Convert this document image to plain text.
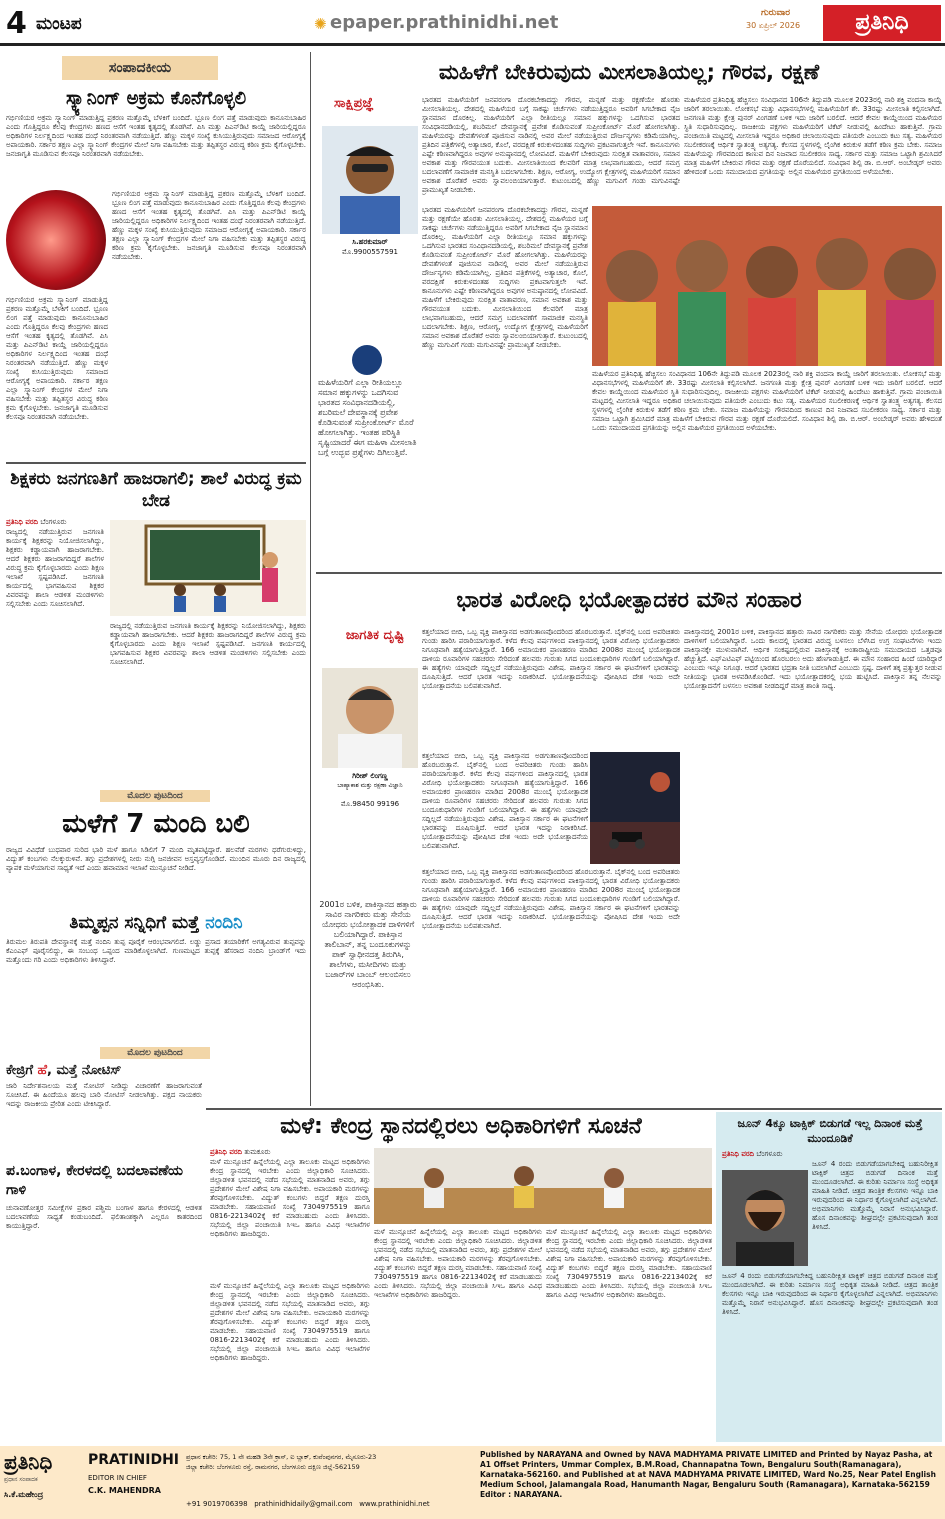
4 ಮಂಟಪ	✺ epaper.prathinidhi.net	ಗುರುವಾರ
30 ಏಪ್ರಿಲ್ 2026	ಪ್ರತಿನಿಧಿ
ಸಂಪಾದಕೀಯ
ಸ್ಕ್ಯಾನಿಂಗ್ ಅಕ್ರಮ ಕೊನೆಗೊಳ್ಳಲಿ
ಗರ್ಭಿಣಿಯರ ಅಕ್ರಮ ಸ್ಕ್ಯಾನಿಂಗ್ ಮಾಡುತ್ತಿದ್ದ ಪ್ರಕರಣ ಮತ್ತೊಮ್ಮೆ ಬೆಳಕಿಗೆ ಬಂದಿದೆ. ಭ್ರೂಣ ಲಿಂಗ ಪತ್ತೆ ಮಾಡುವುದು ಕಾನೂನುಬಾಹಿರ ಎಂದು ಗೊತ್ತಿದ್ದರೂ ಕೆಲವು ಕೇಂದ್ರಗಳು ಹಣದ ಆಸೆಗೆ ಇಂತಹ ಕೃತ್ಯದಲ್ಲಿ ತೊಡಗಿವೆ. ಪಿಸಿ ಮತ್ತು ಪಿಎನ್‌ಡಿಟಿ ಕಾಯ್ದೆ ಜಾರಿಯಲ್ಲಿದ್ದರೂ ಅಧಿಕಾರಿಗಳ ನಿರ್ಲಕ್ಷ್ಯದಿಂದ ಇಂತಹ ದಂಧೆ ನಿರಂತರವಾಗಿ ನಡೆಯುತ್ತಿದೆ. ಹೆಣ್ಣು ಮಕ್ಕಳ ಸಂಖ್ಯೆ ಕುಸಿಯುತ್ತಿರುವುದು ಸಮಾಜದ ಆರೋಗ್ಯಕ್ಕೆ ಅಪಾಯಕಾರಿ. ಸರ್ಕಾರ ತಕ್ಷಣ ಎಲ್ಲಾ ಸ್ಕ್ಯಾನಿಂಗ್ ಕೇಂದ್ರಗಳ ಮೇಲೆ ನಿಗಾ ವಹಿಸಬೇಕು ಮತ್ತು ತಪ್ಪಿತಸ್ಥರ ವಿರುದ್ಧ ಕಠಿಣ ಕ್ರಮ ಕೈಗೊಳ್ಳಬೇಕು. ಜನಜಾಗೃತಿ ಮೂಡಿಸುವ ಕೆಲಸವೂ ನಿರಂತರವಾಗಿ ನಡೆಯಬೇಕು.
ಗರ್ಭಿಣಿಯರ ಅಕ್ರಮ ಸ್ಕ್ಯಾನಿಂಗ್ ಮಾಡುತ್ತಿದ್ದ ಪ್ರಕರಣ ಮತ್ತೊಮ್ಮೆ ಬೆಳಕಿಗೆ ಬಂದಿದೆ. ಭ್ರೂಣ ಲಿಂಗ ಪತ್ತೆ ಮಾಡುವುದು ಕಾನೂನುಬಾಹಿರ ಎಂದು ಗೊತ್ತಿದ್ದರೂ ಕೆಲವು ಕೇಂದ್ರಗಳು ಹಣದ ಆಸೆಗೆ ಇಂತಹ ಕೃತ್ಯದಲ್ಲಿ ತೊಡಗಿವೆ. ಪಿಸಿ ಮತ್ತು ಪಿಎನ್‌ಡಿಟಿ ಕಾಯ್ದೆ ಜಾರಿಯಲ್ಲಿದ್ದರೂ ಅಧಿಕಾರಿಗಳ ನಿರ್ಲಕ್ಷ್ಯದಿಂದ ಇಂತಹ ದಂಧೆ ನಿರಂತರವಾಗಿ ನಡೆಯುತ್ತಿದೆ. ಹೆಣ್ಣು ಮಕ್ಕಳ ಸಂಖ್ಯೆ ಕುಸಿಯುತ್ತಿರುವುದು ಸಮಾಜದ ಆರೋಗ್ಯಕ್ಕೆ ಅಪಾಯಕಾರಿ. ಸರ್ಕಾರ ತಕ್ಷಣ ಎಲ್ಲಾ ಸ್ಕ್ಯಾನಿಂಗ್ ಕೇಂದ್ರಗಳ ಮೇಲೆ ನಿಗಾ ವಹಿಸಬೇಕು ಮತ್ತು ತಪ್ಪಿತಸ್ಥರ ವಿರುದ್ಧ ಕಠಿಣ ಕ್ರಮ ಕೈಗೊಳ್ಳಬೇಕು. ಜನಜಾಗೃತಿ ಮೂಡಿಸುವ ಕೆಲಸವೂ ನಿರಂತರವಾಗಿ ನಡೆಯಬೇಕು.
ಗರ್ಭಿಣಿಯರ ಅಕ್ರಮ ಸ್ಕ್ಯಾನಿಂಗ್ ಮಾಡುತ್ತಿದ್ದ ಪ್ರಕರಣ ಮತ್ತೊಮ್ಮೆ ಬೆಳಕಿಗೆ ಬಂದಿದೆ. ಭ್ರೂಣ ಲಿಂಗ ಪತ್ತೆ ಮಾಡುವುದು ಕಾನೂನುಬಾಹಿರ ಎಂದು ಗೊತ್ತಿದ್ದರೂ ಕೆಲವು ಕೇಂದ್ರಗಳು ಹಣದ ಆಸೆಗೆ ಇಂತಹ ಕೃತ್ಯದಲ್ಲಿ ತೊಡಗಿವೆ. ಪಿಸಿ ಮತ್ತು ಪಿಎನ್‌ಡಿಟಿ ಕಾಯ್ದೆ ಜಾರಿಯಲ್ಲಿದ್ದರೂ ಅಧಿಕಾರಿಗಳ ನಿರ್ಲಕ್ಷ್ಯದಿಂದ ಇಂತಹ ದಂಧೆ ನಿರಂತರವಾಗಿ ನಡೆಯುತ್ತಿದೆ. ಹೆಣ್ಣು ಮಕ್ಕಳ ಸಂಖ್ಯೆ ಕುಸಿಯುತ್ತಿರುವುದು ಸಮಾಜದ ಆರೋಗ್ಯಕ್ಕೆ ಅಪಾಯಕಾರಿ. ಸರ್ಕಾರ ತಕ್ಷಣ ಎಲ್ಲಾ ಸ್ಕ್ಯಾನಿಂಗ್ ಕೇಂದ್ರಗಳ ಮೇಲೆ ನಿಗಾ ವಹಿಸಬೇಕು ಮತ್ತು ತಪ್ಪಿತಸ್ಥರ ವಿರುದ್ಧ ಕಠಿಣ ಕ್ರಮ ಕೈಗೊಳ್ಳಬೇಕು. ಜನಜಾಗೃತಿ ಮೂಡಿಸುವ ಕೆಲಸವೂ ನಿರಂತರವಾಗಿ ನಡೆಯಬೇಕು.
ಶಿಕ್ಷಕರು ಜನಗಣತಿಗೆ ಹಾಜರಾಗಲಿ; ಶಾಲೆ ವಿರುದ್ಧ ಕ್ರಮ ಬೇಡ
ಪ್ರತಿನಿಧಿ ವರದಿ ಬೆಂಗಳೂರು
ರಾಜ್ಯದಲ್ಲಿ ನಡೆಯುತ್ತಿರುವ ಜನಗಣತಿ ಕಾರ್ಯಕ್ಕೆ ಶಿಕ್ಷಕರನ್ನು ನಿಯೋಜಿಸಲಾಗಿದ್ದು, ಶಿಕ್ಷಕರು ಕಡ್ಡಾಯವಾಗಿ ಹಾಜರಾಗಬೇಕು. ಆದರೆ ಶಿಕ್ಷಕರು ಹಾಜರಾಗದಿದ್ದರೆ ಶಾಲೆಗಳ ವಿರುದ್ಧ ಕ್ರಮ ಕೈಗೊಳ್ಳಬಾರದು ಎಂದು ಶಿಕ್ಷಣ ಇಲಾಖೆ ಸ್ಪಷ್ಟಪಡಿಸಿದೆ. ಜನಗಣತಿ ಕಾರ್ಯದಲ್ಲಿ ಭಾಗವಹಿಸುವ ಶಿಕ್ಷಕರ ವಿವರವನ್ನು ಶಾಲಾ ಆಡಳಿತ ಮಂಡಳಿಗಳು ಸಲ್ಲಿಸಬೇಕು ಎಂದು ಸೂಚಿಸಲಾಗಿದೆ.
ರಾಜ್ಯದಲ್ಲಿ ನಡೆಯುತ್ತಿರುವ ಜನಗಣತಿ ಕಾರ್ಯಕ್ಕೆ ಶಿಕ್ಷಕರನ್ನು ನಿಯೋಜಿಸಲಾಗಿದ್ದು, ಶಿಕ್ಷಕರು ಕಡ್ಡಾಯವಾಗಿ ಹಾಜರಾಗಬೇಕು. ಆದರೆ ಶಿಕ್ಷಕರು ಹಾಜರಾಗದಿದ್ದರೆ ಶಾಲೆಗಳ ವಿರುದ್ಧ ಕ್ರಮ ಕೈಗೊಳ್ಳಬಾರದು ಎಂದು ಶಿಕ್ಷಣ ಇಲಾಖೆ ಸ್ಪಷ್ಟಪಡಿಸಿದೆ. ಜನಗಣತಿ ಕಾರ್ಯದಲ್ಲಿ ಭಾಗವಹಿಸುವ ಶಿಕ್ಷಕರ ವಿವರವನ್ನು ಶಾಲಾ ಆಡಳಿತ ಮಂಡಳಿಗಳು ಸಲ್ಲಿಸಬೇಕು ಎಂದು ಸೂಚಿಸಲಾಗಿದೆ.
ಮೊದಲ ಪುಟದಿಂದ
ಮಳೆಗೆ 7 ಮಂದಿ ಬಲಿ
ರಾಜ್ಯದ ವಿವಿಧೆಡೆ ಬುಧವಾರ ಸುರಿದ ಭಾರಿ ಮಳೆ ಹಾಗೂ ಸಿಡಿಲಿಗೆ 7 ಮಂದಿ ಮೃತಪಟ್ಟಿದ್ದಾರೆ. ಹಲವೆಡೆ ಮರಗಳು ಧರೆಗುರುಳಿದ್ದು, ವಿದ್ಯುತ್ ಕಂಬಗಳು ನೆಲಕ್ಕುರುಳಿವೆ. ತಗ್ಗು ಪ್ರದೇಶಗಳಲ್ಲಿ ನೀರು ನುಗ್ಗಿ ಜನಜೀವನ ಅಸ್ತವ್ಯಸ್ತಗೊಂಡಿದೆ. ಮುಂದಿನ ಮೂರು ದಿನ ರಾಜ್ಯದಲ್ಲಿ ವ್ಯಾಪಕ ಮಳೆಯಾಗುವ ಸಾಧ್ಯತೆ ಇದೆ ಎಂದು ಹವಾಮಾನ ಇಲಾಖೆ ಮುನ್ಸೂಚನೆ ನೀಡಿದೆ.
ತಿಮ್ಮಪ್ಪನ ಸನ್ನಿಧಿಗೆ ಮತ್ತೆ ನಂದಿನಿ
ತಿರುಮಲ ತಿರುಪತಿ ದೇವಸ್ಥಾನಕ್ಕೆ ಮತ್ತೆ ನಂದಿನಿ ತುಪ್ಪ ಪೂರೈಕೆ ಆರಂಭವಾಗಲಿದೆ. ಲಡ್ಡು ಪ್ರಸಾದ ತಯಾರಿಕೆಗೆ ಅಗತ್ಯವಿರುವ ತುಪ್ಪವನ್ನು ಕೆಎಂಎಫ್ ಪೂರೈಸಲಿದ್ದು, ಈ ಸಂಬಂಧ ಒಪ್ಪಂದ ಮಾಡಿಕೊಳ್ಳಲಾಗಿದೆ. ಗುಣಮಟ್ಟದ ತುಪ್ಪಕ್ಕೆ ಹೆಸರಾದ ನಂದಿನಿ ಬ್ರಾಂಡ್‌ಗೆ ಇದು ಮತ್ತೊಂದು ಗರಿ ಎಂದು ಅಧಿಕಾರಿಗಳು ತಿಳಿಸಿದ್ದಾರೆ.
ಮೊದಲ ಪುಟದಿಂದ
ಕೇಜ್ರಿಗೆ ಹೆ, ಮತ್ತೆ ನೋಟಿಸ್
ಜಾರಿ ನಿರ್ದೇಶನಾಲಯ ಮತ್ತೆ ನೋಟಿಸ್ ನೀಡಿದ್ದು ವಿಚಾರಣೆಗೆ ಹಾಜರಾಗುವಂತೆ ಸೂಚಿಸಿದೆ. ಈ ಹಿಂದೆಯೂ ಹಲವು ಬಾರಿ ನೋಟಿಸ್ ನೀಡಲಾಗಿತ್ತು. ಪಕ್ಷದ ನಾಯಕರು ಇದನ್ನು ರಾಜಕೀಯ ಪ್ರೇರಿತ ಎಂದು ಟೀಕಿಸಿದ್ದಾರೆ.
ಪ.ಬಂಗಾಳ, ಕೇರಳದಲ್ಲಿ ಬದಲಾವಣೆಯ ಗಾಳಿ
ಚುನಾವಣೋತ್ತರ ಸಮೀಕ್ಷೆಗಳ ಪ್ರಕಾರ ಪಶ್ಚಿಮ ಬಂಗಾಳ ಹಾಗೂ ಕೇರಳದಲ್ಲಿ ಆಡಳಿತ ಬದಲಾವಣೆಯ ಸಾಧ್ಯತೆ ಕಂಡುಬಂದಿದೆ. ಫಲಿತಾಂಶಕ್ಕಾಗಿ ಎಲ್ಲರೂ ಕಾತರದಿಂದ ಕಾಯುತ್ತಿದ್ದಾರೆ.
ಮಹಿಳೆಗೆ ಬೇಕಿರುವುದು ಮೀಸಲಾತಿಯಲ್ಲ; ಗೌರವ, ರಕ್ಷಣೆ
ಸಾಕ್ಷಿಪ್ರಜ್ಞೆ
ಸಿ.ಹರಕುಮಾರ್
ಮೊ.9900557591
ಮಹಿಳೆಯರಿಗೆ ಎಲ್ಲಾ ರೀತಿಯಲ್ಲೂ ಸಮಾನ ಹಕ್ಕುಗಳನ್ನು ಒದಗಿಸುವ ಭಾರತದ ಸಂವಿಧಾನದಡಿಯಲ್ಲಿ, ಶಬರಿಮಲೆ ದೇವಸ್ಥಾನಕ್ಕೆ ಪ್ರವೇಶ ಕೊಡಿಸುವಂತೆ ಸುಪ್ರೀಂಕೋರ್ಟ್ ಮೊರೆ ಹೋಗಲಾಗಿತ್ತು. ಇಂತಹ ಪರಿಸ್ಥಿತಿ ಸೃಷ್ಟಿಯಾದರೆ ಈಗ ಮಹಿಳಾ ಮೀಸಲಾತಿ ಬಗ್ಗೆ ಉದ್ಭವ ಪ್ರಶ್ನೆಗಳು ದಿಗಿಲುತ್ತಿವೆ.
ಭಾರತದ ಮಹಿಳೆಯರಿಗೆ ಜನಪರಂಗಾ ದೊರಕಬೇಕಾದದ್ದು ಗೌರವ, ಮನ್ನಣೆ ಮತ್ತು ರಕ್ಷಣೆಯೇ ಹೊರತು ಮೀಸಲಾತಿಯಲ್ಲ. ದೇಶದಲ್ಲಿ ಮಹಿಳೆಯರ ಬಗ್ಗೆ ಸಾಕಷ್ಟು ಚರ್ಚೆಗಳು ನಡೆಯುತ್ತಿದ್ದರೂ ಅವರಿಗೆ ಸಿಗಬೇಕಾದ ನೈಜ ಸ್ಥಾನಮಾನ ದೊರಕಿಲ್ಲ. ಮಹಿಳೆಯರಿಗೆ ಎಲ್ಲಾ ರೀತಿಯಲ್ಲೂ ಸಮಾನ ಹಕ್ಕುಗಳನ್ನು ಒದಗಿಸುವ ಭಾರತದ ಸಂವಿಧಾನದಡಿಯಲ್ಲಿ, ಶಬರಿಮಲೆ ದೇವಸ್ಥಾನಕ್ಕೆ ಪ್ರವೇಶ ಕೊಡಿಸುವಂತೆ ಸುಪ್ರೀಂಕೋರ್ಟ್ ಮೊರೆ ಹೋಗಲಾಗಿತ್ತು. ಮಹಿಳೆಯರನ್ನು ದೇವತೆಗಳಂತೆ ಪೂಜಿಸುವ ನಾಡಿನಲ್ಲಿ ಅವರ ಮೇಲೆ ನಡೆಯುತ್ತಿರುವ ದೌರ್ಜನ್ಯಗಳು ಕಡಿಮೆಯಾಗಿಲ್ಲ. ಪ್ರತಿದಿನ ಪತ್ರಿಕೆಗಳಲ್ಲಿ ಅತ್ಯಾಚಾರ, ಕೊಲೆ, ವರದಕ್ಷಿಣೆ ಕಿರುಕುಳದಂತಹ ಸುದ್ದಿಗಳು ಪ್ರಕಟವಾಗುತ್ತಲೇ ಇವೆ. ಕಾನೂನುಗಳು ಎಷ್ಟೇ ಕಠಿಣವಾಗಿದ್ದರೂ ಅವುಗಳ ಅನುಷ್ಠಾನದಲ್ಲಿ ಲೋಪವಿದೆ. ಮಹಿಳೆಗೆ ಬೇಕಿರುವುದು ಸುರಕ್ಷಿತ ವಾತಾವರಣ, ಸಮಾನ ಅವಕಾಶ ಮತ್ತು ಗೌರವಯುತ ಬದುಕು. ಮೀಸಲಾತಿಯಿಂದ ಕೆಲವರಿಗೆ ಮಾತ್ರ ಲಾಭವಾಗಬಹುದು, ಆದರೆ ಸಮಗ್ರ ಬದಲಾವಣೆಗೆ ಸಾಮಾಜಿಕ ಮನಸ್ಥಿತಿ ಬದಲಾಗಬೇಕು. ಶಿಕ್ಷಣ, ಆರೋಗ್ಯ, ಉದ್ಯೋಗ ಕ್ಷೇತ್ರಗಳಲ್ಲಿ ಮಹಿಳೆಯರಿಗೆ ಸಮಾನ ಅವಕಾಶ ದೊರೆತರೆ ಅವರು ಸ್ವಾವಲಂಬಿಯಾಗುತ್ತಾರೆ. ಕುಟುಂಬದಲ್ಲಿ ಹೆಣ್ಣು ಮಗುವಿಗೆ ಗಂಡು ಮಗುವಿನಷ್ಟೇ ಪ್ರಾಮುಖ್ಯತೆ ನೀಡಬೇಕು.
ಭಾರತದ ಮಹಿಳೆಯರಿಗೆ ಜನಪರಂಗಾ ದೊರಕಬೇಕಾದದ್ದು ಗೌರವ, ಮನ್ನಣೆ ಮತ್ತು ರಕ್ಷಣೆಯೇ ಹೊರತು ಮೀಸಲಾತಿಯಲ್ಲ. ದೇಶದಲ್ಲಿ ಮಹಿಳೆಯರ ಬಗ್ಗೆ ಸಾಕಷ್ಟು ಚರ್ಚೆಗಳು ನಡೆಯುತ್ತಿದ್ದರೂ ಅವರಿಗೆ ಸಿಗಬೇಕಾದ ನೈಜ ಸ್ಥಾನಮಾನ ದೊರಕಿಲ್ಲ. ಮಹಿಳೆಯರಿಗೆ ಎಲ್ಲಾ ರೀತಿಯಲ್ಲೂ ಸಮಾನ ಹಕ್ಕುಗಳನ್ನು ಒದಗಿಸುವ ಭಾರತದ ಸಂವಿಧಾನದಡಿಯಲ್ಲಿ, ಶಬರಿಮಲೆ ದೇವಸ್ಥಾನಕ್ಕೆ ಪ್ರವೇಶ ಕೊಡಿಸುವಂತೆ ಸುಪ್ರೀಂಕೋರ್ಟ್ ಮೊರೆ ಹೋಗಲಾಗಿತ್ತು. ಮಹಿಳೆಯರನ್ನು ದೇವತೆಗಳಂತೆ ಪೂಜಿಸುವ ನಾಡಿನಲ್ಲಿ ಅವರ ಮೇಲೆ ನಡೆಯುತ್ತಿರುವ ದೌರ್ಜನ್ಯಗಳು ಕಡಿಮೆಯಾಗಿಲ್ಲ. ಪ್ರತಿದಿನ ಪತ್ರಿಕೆಗಳಲ್ಲಿ ಅತ್ಯಾಚಾರ, ಕೊಲೆ, ವರದಕ್ಷಿಣೆ ಕಿರುಕುಳದಂತಹ ಸುದ್ದಿಗಳು ಪ್ರಕಟವಾಗುತ್ತಲೇ ಇವೆ. ಕಾನೂನುಗಳು ಎಷ್ಟೇ ಕಠಿಣವಾಗಿದ್ದರೂ ಅವುಗಳ ಅನುಷ್ಠಾನದಲ್ಲಿ ಲೋಪವಿದೆ. ಮಹಿಳೆಗೆ ಬೇಕಿರುವುದು ಸುರಕ್ಷಿತ ವಾತಾವರಣ, ಸಮಾನ ಅವಕಾಶ ಮತ್ತು ಗೌರವಯುತ ಬದುಕು. ಮೀಸಲಾತಿಯಿಂದ ಕೆಲವರಿಗೆ ಮಾತ್ರ ಲಾಭವಾಗಬಹುದು, ಆದರೆ ಸಮಗ್ರ ಬದಲಾವಣೆಗೆ ಸಾಮಾಜಿಕ ಮನಸ್ಥಿತಿ ಬದಲಾಗಬೇಕು. ಶಿಕ್ಷಣ, ಆರೋಗ್ಯ, ಉದ್ಯೋಗ ಕ್ಷೇತ್ರಗಳಲ್ಲಿ ಮಹಿಳೆಯರಿಗೆ ಸಮಾನ ಅವಕಾಶ ದೊರೆತರೆ ಅವರು ಸ್ವಾವಲಂಬಿಯಾಗುತ್ತಾರೆ. ಕುಟುಂಬದಲ್ಲಿ ಹೆಣ್ಣು ಮಗುವಿಗೆ ಗಂಡು ಮಗುವಿನಷ್ಟೇ ಪ್ರಾಮುಖ್ಯತೆ ನೀಡಬೇಕು.
ಮಹಿಳೆಯರ ಪ್ರತಿನಿಧಿತ್ವ ಹೆಚ್ಚಿಸಲು ಸಂವಿಧಾನದ 106ನೇ ತಿದ್ದುಪಡಿ ಮೂಲಕ 2023ರಲ್ಲಿ ನಾರಿ ಶಕ್ತಿ ವಂದನಾ ಕಾಯ್ದೆ ಜಾರಿಗೆ ತರಲಾಯಿತು. ಲೋಕಸಭೆ ಮತ್ತು ವಿಧಾನಸಭೆಗಳಲ್ಲಿ ಮಹಿಳೆಯರಿಗೆ ಶೇ. 33ರಷ್ಟು ಮೀಸಲಾತಿ ಕಲ್ಪಿಸಲಾಗಿದೆ. ಜನಗಣತಿ ಮತ್ತು ಕ್ಷೇತ್ರ ಪುನರ್ ವಿಂಗಡಣೆ ಬಳಿಕ ಇದು ಜಾರಿಗೆ ಬರಲಿದೆ. ಆದರೆ ಕೇವಲ ಕಾಯ್ದೆಯಿಂದ ಮಹಿಳೆಯರ ಸ್ಥಿತಿ ಸುಧಾರಿಸುವುದಿಲ್ಲ. ರಾಜಕೀಯ ಪಕ್ಷಗಳು ಮಹಿಳೆಯರಿಗೆ ಟಿಕೆಟ್ ನೀಡುವಲ್ಲಿ ಹಿಂದೇಟು ಹಾಕುತ್ತಿವೆ. ಗ್ರಾಮ ಪಂಚಾಯಿತಿ ಮಟ್ಟದಲ್ಲಿ ಮೀಸಲಾತಿ ಇದ್ದರೂ ಅಧಿಕಾರ ಚಲಾಯಿಸುವುದು ಪತಿಯರೇ ಎಂಬುದು ಕಟು ಸತ್ಯ. ಮಹಿಳೆಯರ ಸಬಲೀಕರಣಕ್ಕೆ ಆರ್ಥಿಕ ಸ್ವಾತಂತ್ರ್ಯ ಅತ್ಯಗತ್ಯ. ಕೆಲಸದ ಸ್ಥಳಗಳಲ್ಲಿ ಲೈಂಗಿಕ ಕಿರುಕುಳ ತಡೆಗೆ ಕಠಿಣ ಕ್ರಮ ಬೇಕು. ಸಮಾಜ ಮಹಿಳೆಯನ್ನು ಗೌರವದಿಂದ ಕಾಣುವ ದಿನ ನಿಜವಾದ ಸಬಲೀಕರಣ ಸಾಧ್ಯ. ಸರ್ಕಾರ ಮತ್ತು ಸಮಾಜ ಒಟ್ಟಾಗಿ ಶ್ರಮಿಸಿದರೆ ಮಾತ್ರ ಮಹಿಳೆಗೆ ಬೇಕಿರುವ ಗೌರವ ಮತ್ತು ರಕ್ಷಣೆ ದೊರೆಯಲಿದೆ. ಸಂವಿಧಾನ ಶಿಲ್ಪಿ ಡಾ. ಬಿ.ಆರ್. ಅಂಬೇಡ್ಕರ್ ಅವರು ಹೇಳಿದಂತೆ ಒಂದು ಸಮುದಾಯದ ಪ್ರಗತಿಯನ್ನು ಅಲ್ಲಿನ ಮಹಿಳೆಯರ ಪ್ರಗತಿಯಿಂದ ಅಳೆಯಬೇಕು.
ಮಹಿಳೆಯರ ಪ್ರತಿನಿಧಿತ್ವ ಹೆಚ್ಚಿಸಲು ಸಂವಿಧಾನದ 106ನೇ ತಿದ್ದುಪಡಿ ಮೂಲಕ 2023ರಲ್ಲಿ ನಾರಿ ಶಕ್ತಿ ವಂದನಾ ಕಾಯ್ದೆ ಜಾರಿಗೆ ತರಲಾಯಿತು. ಲೋಕಸಭೆ ಮತ್ತು ವಿಧಾನಸಭೆಗಳಲ್ಲಿ ಮಹಿಳೆಯರಿಗೆ ಶೇ. 33ರಷ್ಟು ಮೀಸಲಾತಿ ಕಲ್ಪಿಸಲಾಗಿದೆ. ಜನಗಣತಿ ಮತ್ತು ಕ್ಷೇತ್ರ ಪುನರ್ ವಿಂಗಡಣೆ ಬಳಿಕ ಇದು ಜಾರಿಗೆ ಬರಲಿದೆ. ಆದರೆ ಕೇವಲ ಕಾಯ್ದೆಯಿಂದ ಮಹಿಳೆಯರ ಸ್ಥಿತಿ ಸುಧಾರಿಸುವುದಿಲ್ಲ. ರಾಜಕೀಯ ಪಕ್ಷಗಳು ಮಹಿಳೆಯರಿಗೆ ಟಿಕೆಟ್ ನೀಡುವಲ್ಲಿ ಹಿಂದೇಟು ಹಾಕುತ್ತಿವೆ. ಗ್ರಾಮ ಪಂಚಾಯಿತಿ ಮಟ್ಟದಲ್ಲಿ ಮೀಸಲಾತಿ ಇದ್ದರೂ ಅಧಿಕಾರ ಚಲಾಯಿಸುವುದು ಪತಿಯರೇ ಎಂಬುದು ಕಟು ಸತ್ಯ. ಮಹಿಳೆಯರ ಸಬಲೀಕರಣಕ್ಕೆ ಆರ್ಥಿಕ ಸ್ವಾತಂತ್ರ್ಯ ಅತ್ಯಗತ್ಯ. ಕೆಲಸದ ಸ್ಥಳಗಳಲ್ಲಿ ಲೈಂಗಿಕ ಕಿರುಕುಳ ತಡೆಗೆ ಕಠಿಣ ಕ್ರಮ ಬೇಕು. ಸಮಾಜ ಮಹಿಳೆಯನ್ನು ಗೌರವದಿಂದ ಕಾಣುವ ದಿನ ನಿಜವಾದ ಸಬಲೀಕರಣ ಸಾಧ್ಯ. ಸರ್ಕಾರ ಮತ್ತು ಸಮಾಜ ಒಟ್ಟಾಗಿ ಶ್ರಮಿಸಿದರೆ ಮಾತ್ರ ಮಹಿಳೆಗೆ ಬೇಕಿರುವ ಗೌರವ ಮತ್ತು ರಕ್ಷಣೆ ದೊರೆಯಲಿದೆ. ಸಂವಿಧಾನ ಶಿಲ್ಪಿ ಡಾ. ಬಿ.ಆರ್. ಅಂಬೇಡ್ಕರ್ ಅವರು ಹೇಳಿದಂತೆ ಒಂದು ಸಮುದಾಯದ ಪ್ರಗತಿಯನ್ನು ಅಲ್ಲಿನ ಮಹಿಳೆಯರ ಪ್ರಗತಿಯಿಂದ ಅಳೆಯಬೇಕು.
ಭಾರತ ವಿರೋಧಿ ಭಯೋತ್ಪಾದಕರ ಮೌನ ಸಂಹಾರ
ಜಾಗತಿಕ ದೃಷ್ಟಿ
ಗಿರೀಶ್ ಲಿಂಗಣ್ಣ
ಬಾಹ್ಯಾಕಾಶ ಮತ್ತು ರಕ್ಷಣಾ ವಿಜ್ಞಾನಿ
ಮೊ.98450 99196
2001ರ ಬಳಿಕ, ಪಾಕಿಸ್ತಾನದ ಹತ್ತಾರು ಸಾವಿರ ನಾಗರಿಕರು ಮತ್ತು ಸೇನೆಯ ಯೋಧರು ಭಯೋತ್ಪಾದಕ ದಾಳಿಗಳಿಗೆ ಬಲಿಯಾಗಿದ್ದಾರೆ. ಪಾಕಿಸ್ತಾನ ತಾಲಿಬಾನ್, ತನ್ನ ಬಂದೂಕುಗಳನ್ನು ಪಾಕ್ ಸ್ವಾಧೀನದತ್ತ ತಿರುಗಿಸಿ, ಶಾಲೆಗಳು, ಮಸೀದಿಗಳು ಮತ್ತು ಬಜಾರ್‌ಗಳ ಬಾಂಬ್ ಆಲಂಬಿಸಲು ಆರಂಭಿಸಿತು.
ಕತ್ತಲೆಯಾದ ಬೀದಿ, ಒಬ್ಬ ವ್ಯಕ್ತಿ ಪಾಕಿಸ್ತಾನದ ಅಡಗುತಾಣವೊಂದರಿಂದ ಹೊರಬರುತ್ತಾನೆ. ಬೈಕ್‌ನಲ್ಲಿ ಬಂದ ಅಪರಿಚಿತರು ಗುಂಡು ಹಾರಿಸಿ ಪರಾರಿಯಾಗುತ್ತಾರೆ. ಕಳೆದ ಕೆಲವು ವರ್ಷಗಳಿಂದ ಪಾಕಿಸ್ತಾನದಲ್ಲಿ ಭಾರತ ವಿರೋಧಿ ಭಯೋತ್ಪಾದಕರು ನಿಗೂಢವಾಗಿ ಹತ್ಯೆಯಾಗುತ್ತಿದ್ದಾರೆ. 166 ಅಮಾಯಕರ ಪ್ರಾಣಹರಣ ಮಾಡಿದ 2008ರ ಮುಂಬೈ ಭಯೋತ್ಪಾದಕ ದಾಳಿಯ ರೂವಾರಿಗಳ ಸಹಚರರು ಸೇರಿದಂತೆ ಹಲವರು ಗುರುತು ಸಿಗದ ಬಂದೂಕುಧಾರಿಗಳ ಗುಂಡಿಗೆ ಬಲಿಯಾಗಿದ್ದಾರೆ. ಈ ಹತ್ಯೆಗಳು ಯಾವುದೇ ಸದ್ದಿಲ್ಲದೆ ನಡೆಯುತ್ತಿರುವುದು ವಿಶೇಷ. ಪಾಕಿಸ್ತಾನ ಸರ್ಕಾರ ಈ ಘಟನೆಗಳಿಗೆ ಭಾರತವನ್ನು ದೂಷಿಸುತ್ತಿದೆ. ಆದರೆ ಭಾರತ ಇದನ್ನು ನಿರಾಕರಿಸಿದೆ. ಭಯೋತ್ಪಾದನೆಯನ್ನು ಪೋಷಿಸಿದ ದೇಶ ಇಂದು ಅದೇ ಭಯೋತ್ಪಾದನೆಯ ಬಲಿಪಶುವಾಗಿದೆ.
ಕತ್ತಲೆಯಾದ ಬೀದಿ, ಒಬ್ಬ ವ್ಯಕ್ತಿ ಪಾಕಿಸ್ತಾನದ ಅಡಗುತಾಣವೊಂದರಿಂದ ಹೊರಬರುತ್ತಾನೆ. ಬೈಕ್‌ನಲ್ಲಿ ಬಂದ ಅಪರಿಚಿತರು ಗುಂಡು ಹಾರಿಸಿ ಪರಾರಿಯಾಗುತ್ತಾರೆ. ಕಳೆದ ಕೆಲವು ವರ್ಷಗಳಿಂದ ಪಾಕಿಸ್ತಾನದಲ್ಲಿ ಭಾರತ ವಿರೋಧಿ ಭಯೋತ್ಪಾದಕರು ನಿಗೂಢವಾಗಿ ಹತ್ಯೆಯಾಗುತ್ತಿದ್ದಾರೆ. 166 ಅಮಾಯಕರ ಪ್ರಾಣಹರಣ ಮಾಡಿದ 2008ರ ಮುಂಬೈ ಭಯೋತ್ಪಾದಕ ದಾಳಿಯ ರೂವಾರಿಗಳ ಸಹಚರರು ಸೇರಿದಂತೆ ಹಲವರು ಗುರುತು ಸಿಗದ ಬಂದೂಕುಧಾರಿಗಳ ಗುಂಡಿಗೆ ಬಲಿಯಾಗಿದ್ದಾರೆ. ಈ ಹತ್ಯೆಗಳು ಯಾವುದೇ ಸದ್ದಿಲ್ಲದೆ ನಡೆಯುತ್ತಿರುವುದು ವಿಶೇಷ. ಪಾಕಿಸ್ತಾನ ಸರ್ಕಾರ ಈ ಘಟನೆಗಳಿಗೆ ಭಾರತವನ್ನು ದೂಷಿಸುತ್ತಿದೆ. ಆದರೆ ಭಾರತ ಇದನ್ನು ನಿರಾಕರಿಸಿದೆ. ಭಯೋತ್ಪಾದನೆಯನ್ನು ಪೋಷಿಸಿದ ದೇಶ ಇಂದು ಅದೇ ಭಯೋತ್ಪಾದನೆಯ ಬಲಿಪಶುವಾಗಿದೆ.
ಕತ್ತಲೆಯಾದ ಬೀದಿ, ಒಬ್ಬ ವ್ಯಕ್ತಿ ಪಾಕಿಸ್ತಾನದ ಅಡಗುತಾಣವೊಂದರಿಂದ ಹೊರಬರುತ್ತಾನೆ. ಬೈಕ್‌ನಲ್ಲಿ ಬಂದ ಅಪರಿಚಿತರು ಗುಂಡು ಹಾರಿಸಿ ಪರಾರಿಯಾಗುತ್ತಾರೆ. ಕಳೆದ ಕೆಲವು ವರ್ಷಗಳಿಂದ ಪಾಕಿಸ್ತಾನದಲ್ಲಿ ಭಾರತ ವಿರೋಧಿ ಭಯೋತ್ಪಾದಕರು ನಿಗೂಢವಾಗಿ ಹತ್ಯೆಯಾಗುತ್ತಿದ್ದಾರೆ. 166 ಅಮಾಯಕರ ಪ್ರಾಣಹರಣ ಮಾಡಿದ 2008ರ ಮುಂಬೈ ಭಯೋತ್ಪಾದಕ ದಾಳಿಯ ರೂವಾರಿಗಳ ಸಹಚರರು ಸೇರಿದಂತೆ ಹಲವರು ಗುರುತು ಸಿಗದ ಬಂದೂಕುಧಾರಿಗಳ ಗುಂಡಿಗೆ ಬಲಿಯಾಗಿದ್ದಾರೆ. ಈ ಹತ್ಯೆಗಳು ಯಾವುದೇ ಸದ್ದಿಲ್ಲದೆ ನಡೆಯುತ್ತಿರುವುದು ವಿಶೇಷ. ಪಾಕಿಸ್ತಾನ ಸರ್ಕಾರ ಈ ಘಟನೆಗಳಿಗೆ ಭಾರತವನ್ನು ದೂಷಿಸುತ್ತಿದೆ. ಆದರೆ ಭಾರತ ಇದನ್ನು ನಿರಾಕರಿಸಿದೆ. ಭಯೋತ್ಪಾದನೆಯನ್ನು ಪೋಷಿಸಿದ ದೇಶ ಇಂದು ಅದೇ ಭಯೋತ್ಪಾದನೆಯ ಬಲಿಪಶುವಾಗಿದೆ.
ಪಾಕಿಸ್ತಾನದಲ್ಲಿ 2001ರ ಬಳಿಕ, ಪಾಕಿಸ್ತಾನದ ಹತ್ತಾರು ಸಾವಿರ ನಾಗರಿಕರು ಮತ್ತು ಸೇನೆಯ ಯೋಧರು ಭಯೋತ್ಪಾದಕ ದಾಳಿಗಳಿಗೆ ಬಲಿಯಾಗಿದ್ದಾರೆ. ಒಂದು ಕಾಲದಲ್ಲಿ ಭಾರತದ ವಿರುದ್ಧ ಬಳಸಲು ಬೆಳೆಸಿದ ಉಗ್ರ ಸಂಘಟನೆಗಳು ಇಂದು ಪಾಕಿಸ್ತಾನಕ್ಕೇ ಮುಳುವಾಗಿವೆ. ಆರ್ಥಿಕ ಸಂಕಷ್ಟದಲ್ಲಿರುವ ಪಾಕಿಸ್ತಾನಕ್ಕೆ ಅಂತಾರಾಷ್ಟ್ರೀಯ ಸಮುದಾಯದ ಒತ್ತಡವೂ ಹೆಚ್ಚುತ್ತಿದೆ. ಎಫ್‌ಎಟಿಎಫ್ ಪಟ್ಟಿಯಿಂದ ಹೊರಬರಲು ಅದು ಹೆಣಗಾಡುತ್ತಿದೆ. ಈ ಮೌನ ಸಂಹಾರದ ಹಿಂದೆ ಯಾರಿದ್ದಾರೆ ಎಂಬುದು ಇನ್ನೂ ನಿಗೂಢ. ಆದರೆ ಭಾರತದ ಭದ್ರತಾ ನೀತಿ ಬದಲಾಗಿದೆ ಎಂಬುದು ಸ್ಪಷ್ಟ. ದಾಳಿಗೆ ತಕ್ಕ ಪ್ರತ್ಯುತ್ತರ ನೀಡುವ ನೀತಿಯನ್ನು ಭಾರತ ಅಳವಡಿಸಿಕೊಂಡಿದೆ. ಇದು ಭಯೋತ್ಪಾದಕರಲ್ಲಿ ಭಯ ಹುಟ್ಟಿಸಿದೆ. ಪಾಕಿಸ್ತಾನ ತನ್ನ ನೆಲವನ್ನು ಭಯೋತ್ಪಾದನೆಗೆ ಬಳಸಲು ಅವಕಾಶ ನೀಡದಿದ್ದರೆ ಮಾತ್ರ ಶಾಂತಿ ಸಾಧ್ಯ.
ಮಳೆ: ಕೇಂದ್ರ ಸ್ಥಾನದಲ್ಲಿರಲು ಅಧಿಕಾರಿಗಳಿಗೆ ಸೂಚನೆ
ಪ್ರತಿನಿಧಿ ವರದಿ ತುಮಕೂರು
ಮಳೆ ಮುನ್ಸೂಚನೆ ಹಿನ್ನೆಲೆಯಲ್ಲಿ ಎಲ್ಲಾ ತಾಲೂಕು ಮಟ್ಟದ ಅಧಿಕಾರಿಗಳು ಕೇಂದ್ರ ಸ್ಥಾನದಲ್ಲಿ ಇರಬೇಕು ಎಂದು ಜಿಲ್ಲಾಧಿಕಾರಿ ಸೂಚಿಸಿದರು. ಜಿಲ್ಲಾಡಳಿತ ಭವನದಲ್ಲಿ ನಡೆದ ಸಭೆಯಲ್ಲಿ ಮಾತನಾಡಿದ ಅವರು, ತಗ್ಗು ಪ್ರದೇಶಗಳ ಮೇಲೆ ವಿಶೇಷ ನಿಗಾ ವಹಿಸಬೇಕು. ಅಪಾಯಕಾರಿ ಮರಗಳನ್ನು ತೆರವುಗೊಳಿಸಬೇಕು. ವಿದ್ಯುತ್ ಕಂಬಗಳು ಬಿದ್ದರೆ ತಕ್ಷಣ ದುರಸ್ತಿ ಮಾಡಬೇಕು. ಸಹಾಯವಾಣಿ ಸಂಖ್ಯೆ 7304975519 ಹಾಗೂ 0816-2213402ಕ್ಕೆ ಕರೆ ಮಾಡಬಹುದು ಎಂದು ತಿಳಿಸಿದರು. ಸಭೆಯಲ್ಲಿ ಜಿಲ್ಲಾ ಪಂಚಾಯಿತಿ ಸಿಇಒ ಹಾಗೂ ವಿವಿಧ ಇಲಾಖೆಗಳ ಅಧಿಕಾರಿಗಳು ಹಾಜರಿದ್ದರು.
ಮಳೆ ಮುನ್ಸೂಚನೆ ಹಿನ್ನೆಲೆಯಲ್ಲಿ ಎಲ್ಲಾ ತಾಲೂಕು ಮಟ್ಟದ ಅಧಿಕಾರಿಗಳು ಕೇಂದ್ರ ಸ್ಥಾನದಲ್ಲಿ ಇರಬೇಕು ಎಂದು ಜಿಲ್ಲಾಧಿಕಾರಿ ಸೂಚಿಸಿದರು. ಜಿಲ್ಲಾಡಳಿತ ಭವನದಲ್ಲಿ ನಡೆದ ಸಭೆಯಲ್ಲಿ ಮಾತನಾಡಿದ ಅವರು, ತಗ್ಗು ಪ್ರದೇಶಗಳ ಮೇಲೆ ವಿಶೇಷ ನಿಗಾ ವಹಿಸಬೇಕು. ಅಪಾಯಕಾರಿ ಮರಗಳನ್ನು ತೆರವುಗೊಳಿಸಬೇಕು. ವಿದ್ಯುತ್ ಕಂಬಗಳು ಬಿದ್ದರೆ ತಕ್ಷಣ ದುರಸ್ತಿ ಮಾಡಬೇಕು. ಸಹಾಯವಾಣಿ ಸಂಖ್ಯೆ 7304975519 ಹಾಗೂ 0816-2213402ಕ್ಕೆ ಕರೆ ಮಾಡಬಹುದು ಎಂದು ತಿಳಿಸಿದರು. ಸಭೆಯಲ್ಲಿ ಜಿಲ್ಲಾ ಪಂಚಾಯಿತಿ ಸಿಇಒ ಹಾಗೂ ವಿವಿಧ ಇಲಾಖೆಗಳ ಅಧಿಕಾರಿಗಳು ಹಾಜರಿದ್ದರು.
ಮಳೆ ಮುನ್ಸೂಚನೆ ಹಿನ್ನೆಲೆಯಲ್ಲಿ ಎಲ್ಲಾ ತಾಲೂಕು ಮಟ್ಟದ ಅಧಿಕಾರಿಗಳು ಕೇಂದ್ರ ಸ್ಥಾನದಲ್ಲಿ ಇರಬೇಕು ಎಂದು ಜಿಲ್ಲಾಧಿಕಾರಿ ಸೂಚಿಸಿದರು. ಜಿಲ್ಲಾಡಳಿತ ಭವನದಲ್ಲಿ ನಡೆದ ಸಭೆಯಲ್ಲಿ ಮಾತನಾಡಿದ ಅವರು, ತಗ್ಗು ಪ್ರದೇಶಗಳ ಮೇಲೆ ವಿಶೇಷ ನಿಗಾ ವಹಿಸಬೇಕು. ಅಪಾಯಕಾರಿ ಮರಗಳನ್ನು ತೆರವುಗೊಳಿಸಬೇಕು. ವಿದ್ಯುತ್ ಕಂಬಗಳು ಬಿದ್ದರೆ ತಕ್ಷಣ ದುರಸ್ತಿ ಮಾಡಬೇಕು. ಸಹಾಯವಾಣಿ ಸಂಖ್ಯೆ 7304975519 ಹಾಗೂ 0816-2213402ಕ್ಕೆ ಕರೆ ಮಾಡಬಹುದು ಎಂದು ತಿಳಿಸಿದರು. ಸಭೆಯಲ್ಲಿ ಜಿಲ್ಲಾ ಪಂಚಾಯಿತಿ ಸಿಇಒ ಹಾಗೂ ವಿವಿಧ ಇಲಾಖೆಗಳ ಅಧಿಕಾರಿಗಳು ಹಾಜರಿದ್ದರು.
ಮಳೆ ಮುನ್ಸೂಚನೆ ಹಿನ್ನೆಲೆಯಲ್ಲಿ ಎಲ್ಲಾ ತಾಲೂಕು ಮಟ್ಟದ ಅಧಿಕಾರಿಗಳು ಕೇಂದ್ರ ಸ್ಥಾನದಲ್ಲಿ ಇರಬೇಕು ಎಂದು ಜಿಲ್ಲಾಧಿಕಾರಿ ಸೂಚಿಸಿದರು. ಜಿಲ್ಲಾಡಳಿತ ಭವನದಲ್ಲಿ ನಡೆದ ಸಭೆಯಲ್ಲಿ ಮಾತನಾಡಿದ ಅವರು, ತಗ್ಗು ಪ್ರದೇಶಗಳ ಮೇಲೆ ವಿಶೇಷ ನಿಗಾ ವಹಿಸಬೇಕು. ಅಪಾಯಕಾರಿ ಮರಗಳನ್ನು ತೆರವುಗೊಳಿಸಬೇಕು. ವಿದ್ಯುತ್ ಕಂಬಗಳು ಬಿದ್ದರೆ ತಕ್ಷಣ ದುರಸ್ತಿ ಮಾಡಬೇಕು. ಸಹಾಯವಾಣಿ ಸಂಖ್ಯೆ 7304975519 ಹಾಗೂ 0816-2213402ಕ್ಕೆ ಕರೆ ಮಾಡಬಹುದು ಎಂದು ತಿಳಿಸಿದರು. ಸಭೆಯಲ್ಲಿ ಜಿಲ್ಲಾ ಪಂಚಾಯಿತಿ ಸಿಇಒ ಹಾಗೂ ವಿವಿಧ ಇಲಾಖೆಗಳ ಅಧಿಕಾರಿಗಳು ಹಾಜರಿದ್ದರು.
ಜೂನ್ 4ಕ್ಕೂ ಟಾಕ್ಸಿಕ್ ಬಿಡುಗಡೆ ಇಲ್ಲ ದಿನಾಂಕ ಮತ್ತೆ ಮುಂದೂಡಿಕೆ
ಪ್ರತಿನಿಧಿ ವರದಿ ಬೆಂಗಳೂರು
ಜೂನ್ 4 ರಂದು ಬಿಡುಗಡೆಯಾಗಬೇಕಿದ್ದ ಬಹುನಿರೀಕ್ಷಿತ ಟಾಕ್ಸಿಕ್ ಚಿತ್ರದ ಬಿಡುಗಡೆ ದಿನಾಂಕ ಮತ್ತೆ ಮುಂದೂಡಲಾಗಿದೆ. ಈ ಕುರಿತು ನಿರ್ಮಾಣ ಸಂಸ್ಥೆ ಅಧಿಕೃತ ಮಾಹಿತಿ ನೀಡಿದೆ. ಚಿತ್ರದ ತಾಂತ್ರಿಕ ಕೆಲಸಗಳು ಇನ್ನೂ ಬಾಕಿ ಇರುವುದರಿಂದ ಈ ನಿರ್ಧಾರ ಕೈಗೊಳ್ಳಲಾಗಿದೆ ಎನ್ನಲಾಗಿದೆ. ಅಭಿಮಾನಿಗಳು ಮತ್ತೊಮ್ಮೆ ನಿರಾಸೆ ಅನುಭವಿಸಿದ್ದಾರೆ. ಹೊಸ ದಿನಾಂಕವನ್ನು ಶೀಘ್ರದಲ್ಲೇ ಪ್ರಕಟಿಸುವುದಾಗಿ ತಂಡ ತಿಳಿಸಿದೆ.
ಜೂನ್ 4 ರಂದು ಬಿಡುಗಡೆಯಾಗಬೇಕಿದ್ದ ಬಹುನಿರೀಕ್ಷಿತ ಟಾಕ್ಸಿಕ್ ಚಿತ್ರದ ಬಿಡುಗಡೆ ದಿನಾಂಕ ಮತ್ತೆ ಮುಂದೂಡಲಾಗಿದೆ. ಈ ಕುರಿತು ನಿರ್ಮಾಣ ಸಂಸ್ಥೆ ಅಧಿಕೃತ ಮಾಹಿತಿ ನೀಡಿದೆ. ಚಿತ್ರದ ತಾಂತ್ರಿಕ ಕೆಲಸಗಳು ಇನ್ನೂ ಬಾಕಿ ಇರುವುದರಿಂದ ಈ ನಿರ್ಧಾರ ಕೈಗೊಳ್ಳಲಾಗಿದೆ ಎನ್ನಲಾಗಿದೆ. ಅಭಿಮಾನಿಗಳು ಮತ್ತೊಮ್ಮೆ ನಿರಾಸೆ ಅನುಭವಿಸಿದ್ದಾರೆ. ಹೊಸ ದಿನಾಂಕವನ್ನು ಶೀಘ್ರದಲ್ಲೇ ಪ್ರಕಟಿಸುವುದಾಗಿ ತಂಡ ತಿಳಿಸಿದೆ.
ಪ್ರತಿನಿಧಿ
ಪ್ರಧಾನ ಸಂಪಾದಕ
ಸಿ.ಕೆ.ಮಹೇಂದ್ರ
PRATINIDHI
EDITOR IN CHIEF
C.K. MAHENDRA
ಪ್ರಧಾನ ಕಚೇರಿ: 75, 1 ನೇ ಮಹಡಿ 3ನೇ ಕ್ರಾಸ್, ಐ ಬ್ಲಾಕ್, ಕುವೆಂಪುನಗರ, ಮೈಸೂರು-23
ಜಿಲ್ಲಾ ಕಚೇರಿ: ಬೆಂಗಳೂರು ರಸ್ತೆ, ರಾಮನಗರ, ಬೆಂಗಳೂರು ದಕ್ಷಿಣ ಜಿಲ್ಲೆ-562159
+91 9019706398 prathinidhidaily@gmail.com www.prathinidhi.net
Published by NARAYANA and Owned by NAVA MADHYAMA PRIVATE LIMITED and Printed by Nayaz Pasha, at A1 Offset Printers, Ummar Complex, B.M.Road, Channapatna Town, Bengaluru South(Ramanagara), Karnataka-562160. and Published at at NAVA MADHYAMA PRIVATE LIMITED, Ward No.25, Near Patel English Medium School, Jalamangala Road, Hanumanth Nagar, Bengaluru South (Ramanagara), Karnataka-562159 Editor : NARAYANA.
